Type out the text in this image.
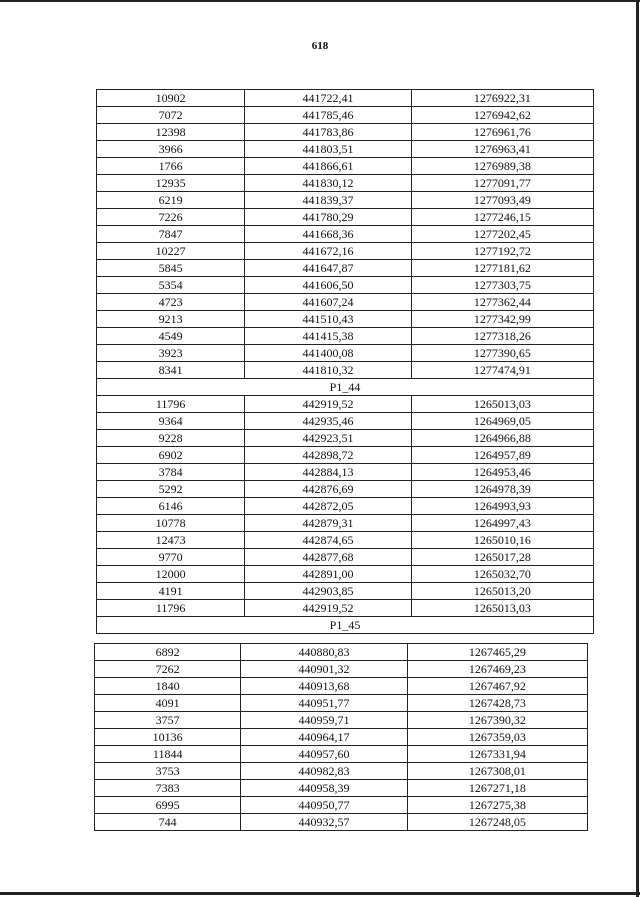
618
10902	441722,41	1276922,31
7072	441785,46	1276942,62
12398	441783,86	1276961,76
3966	441803,51	1276963,41
1766	441866,61	1276989,38
12935	441830,12	1277091,77
6219	441839,37	1277093,49
7226	441780,29	1277246,15
7847	441668,36	1277202,45
10227	441672,16	1277192,72
5845	441647,87	1277181,62
5354	441606,50	1277303,75
4723	441607,24	1277362,44
9213	441510,43	1277342,99
4549	441415,38	1277318,26
3923	441400,08	1277390,65
8341	441810,32	1277474,91
P1_44		
11796	442919,52	1265013,03
9364	442935,46	1264969,05
9228	442923,51	1264966,88
6902	442898,72	1264957,89
3784	442884,13	1264953,46
5292	442876,69	1264978,39
6146	442872,05	1264993,93
10778	442879,31	1264997,43
12473	442874,65	1265010,16
9770	442877,68	1265017,28
12000	442891,00	1265032,70
4191	442903,85	1265013,20
11796	442919,52	1265013,03
P1_45		
6892	440880,83	1267465,29
7262	440901,32	1267469,23
1840	440913,68	1267467,92
4091	440951,77	1267428,73
3757	440959,71	1267390,32
10136	440964,17	1267359,03
11844	440957,60	1267331,94
3753	440982,83	1267308,01
7383	440958,39	1267271,18
6995	440950,77	1267275,38
744	440932,57	1267248,05
